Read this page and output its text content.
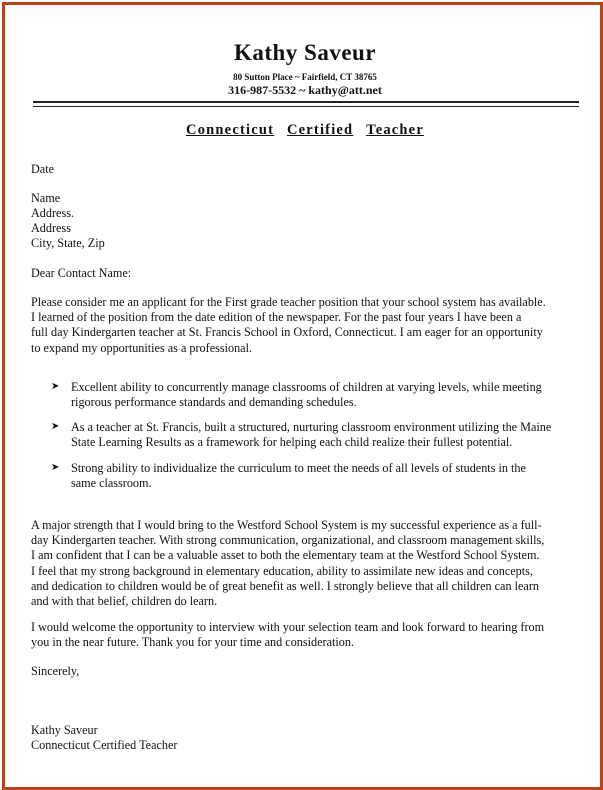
Kathy Saveur
80 Sutton Place ~ Fairfield, CT 38765
316-987-5532 ~ kathy@att.net
Connecticut Certified Teacher
Date
Name
Address.
Address
City, State, Zip
Dear Contact Name:
Please consider me an applicant for the First grade teacher position that your school system has available.
I learned of the position from the date edition of the newspaper. For the past four years I have been a
full day Kindergarten teacher at St. Francis School in Oxford, Connecticut. I am eager for an opportunity
to expand my opportunities as a professional.
➤ Excellent ability to concurrently manage classrooms of children at varying levels, while meeting
rigorous performance standards and demanding schedules.
➤ As a teacher at St. Francis, built a structured, nurturing classroom environment utilizing the Maine
State Learning Results as a framework for helping each child realize their fullest potential.
➤ Strong ability to individualize the curriculum to meet the needs of all levels of students in the
same classroom.
A major strength that I would bring to the Westford School System is my successful experience as a full-
day Kindergarten teacher. With strong communication, organizational, and classroom management skills,
I am confident that I can be a valuable asset to both the elementary team at the Westford School System.
I feel that my strong background in elementary education, ability to assimilate new ideas and concepts,
and dedication to children would be of great benefit as well. I strongly believe that all children can learn
and with that belief, children do learn.
I would welcome the opportunity to interview with your selection team and look forward to hearing from
you in the near future. Thank you for your time and consideration.
Sincerely,
Kathy Saveur
Connecticut Certified Teacher
